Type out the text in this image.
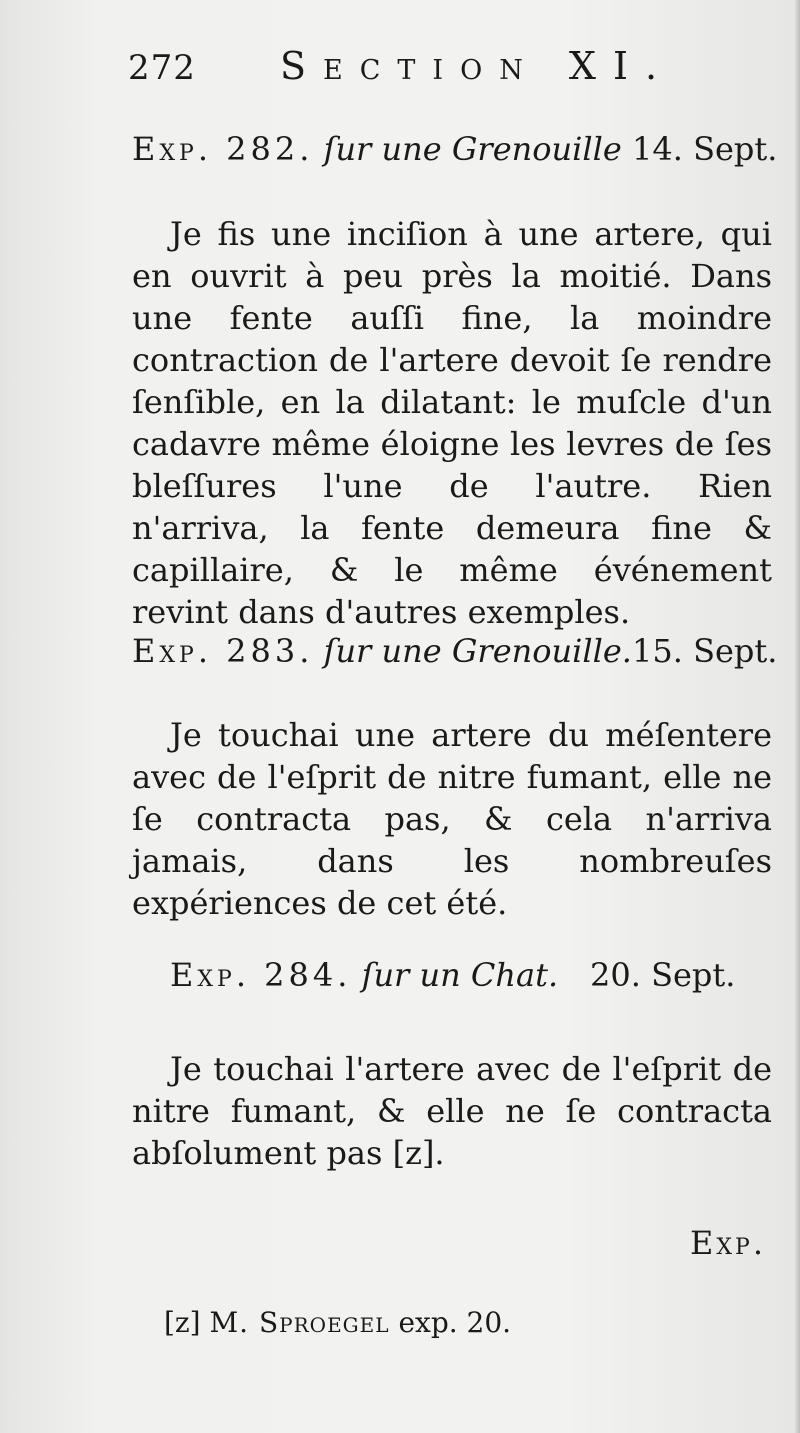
272 Section XI.
Exp. 282. ſur une Grenouille 14. Sept.

Je fis une inciſion à une artere, qui en ouvrit à peu près la moitié. Dans une fente auſſi fine, la moindre contraction de l'artere devoit ſe rendre ſenſible, en la dilatant: le muſcle d'un cadavre même éloigne les levres de ſes bleſſures l'une de l'autre. Rien n'arriva, la fente demeura fine & capillaire, & le même événement revint dans d'autres exemples.

Exp. 283. ſur une Grenouille. 15. Sept.

Je touchai une artere du méſentere avec de l'eſprit de nitre fumant, elle ne ſe contracta pas, & cela n'arriva jamais, dans les nombreuſes expériences de cet été.

Exp. 284. ſur un Chat. 20. Sept.

Je touchai l'artere avec de l'eſprit de nitre fumant, & elle ne ſe contracta abſolument pas [z].

Exp.
[z] M. Sproegel exp. 20.
